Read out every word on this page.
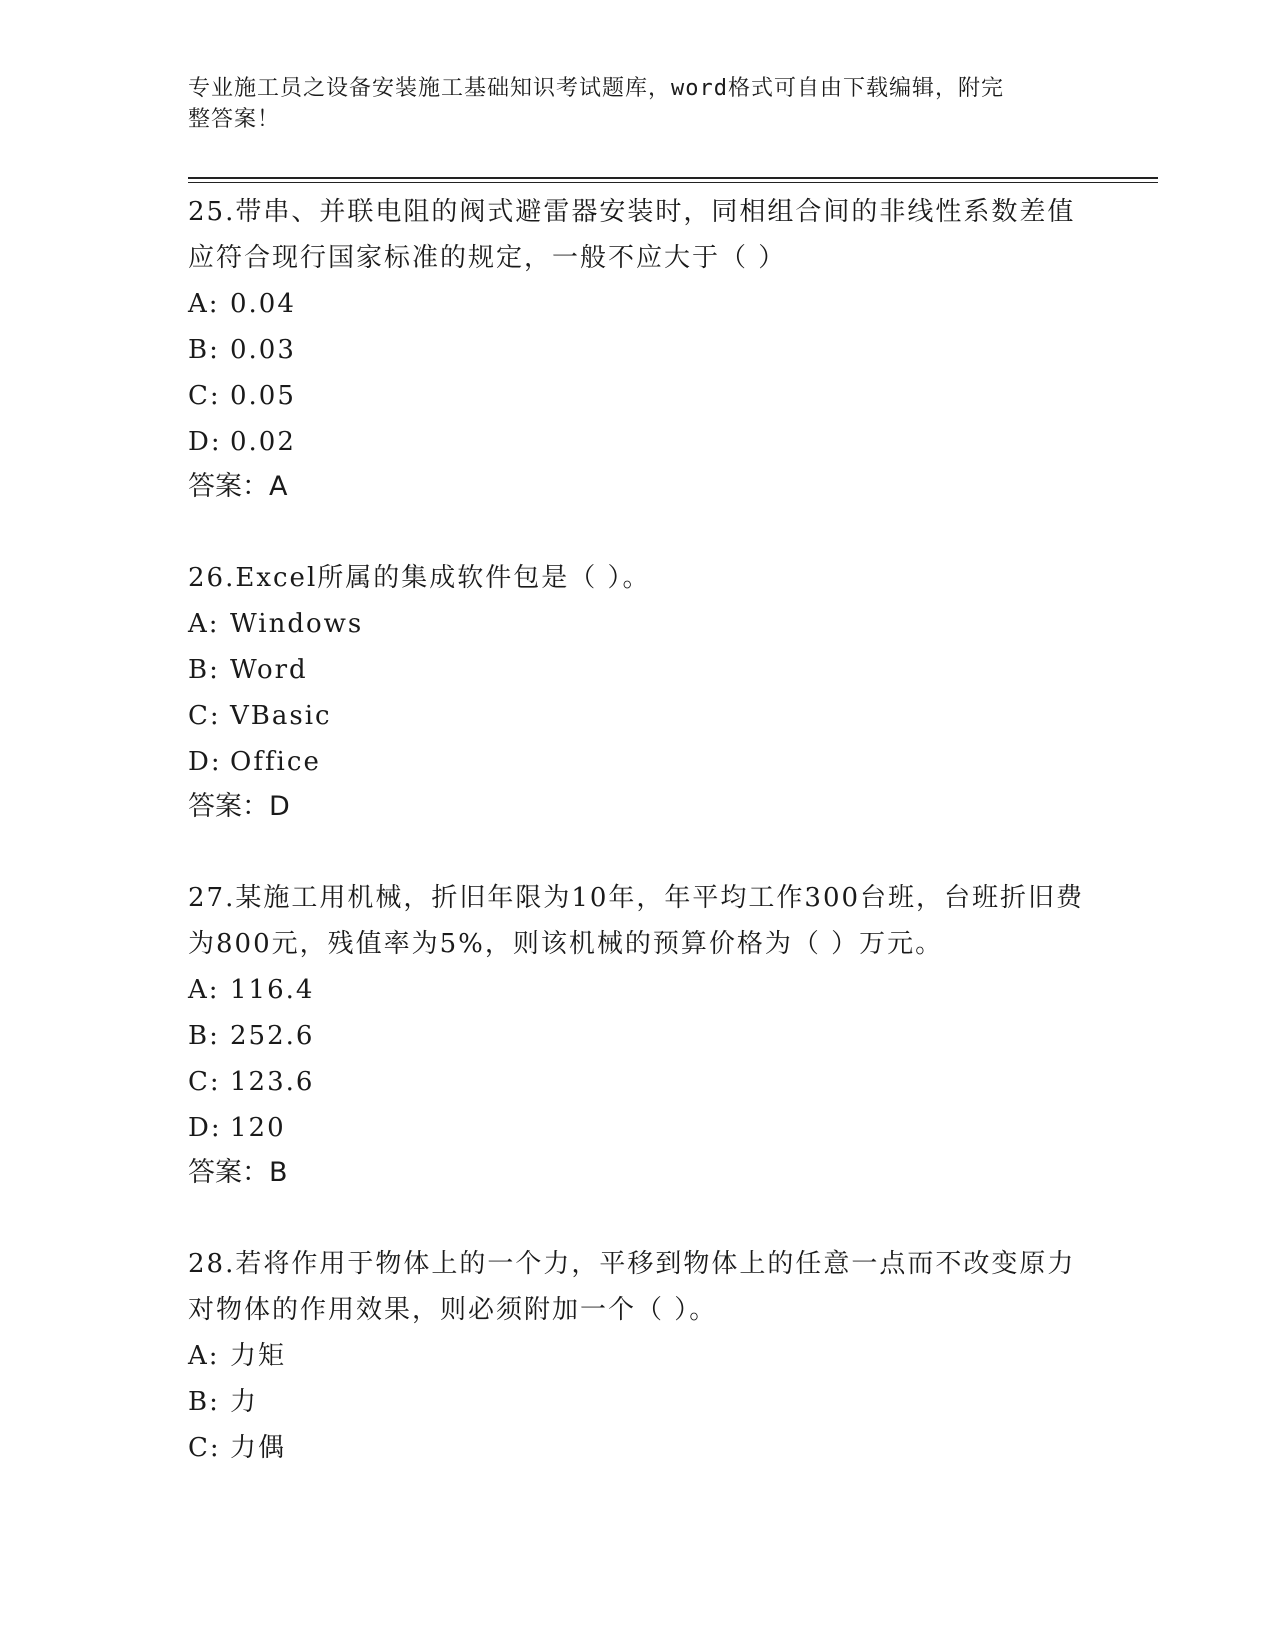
专业施工员之设备安装施工基础知识考试题库，word格式可自由下载编辑，附完
整答案！

25.带串、并联电阻的阀式避雷器安装时，同相组合间的非线性系数差值应符合现行国家标准的规定，一般不应大于（ ）

A: 0.04

B: 0.03

C: 0.05

D: 0.02

答案：A

26.Excel所属的集成软件包是（ ）。

A: Windows

B: Word

C: VBasic

D: Office

答案：D

27.某施工用机械，折旧年限为10年，年平均工作300台班，台班折旧费为800元，残值率为5%，则该机械的预算价格为（ ）万元。

A: 116.4

B: 252.6

C: 123.6

D: 120

答案：B

28.若将作用于物体上的一个力，平移到物体上的任意一点而不改变原力对物体的作用效果，则必须附加一个（ ）。

A: 力矩

B: 力

C: 力偶
